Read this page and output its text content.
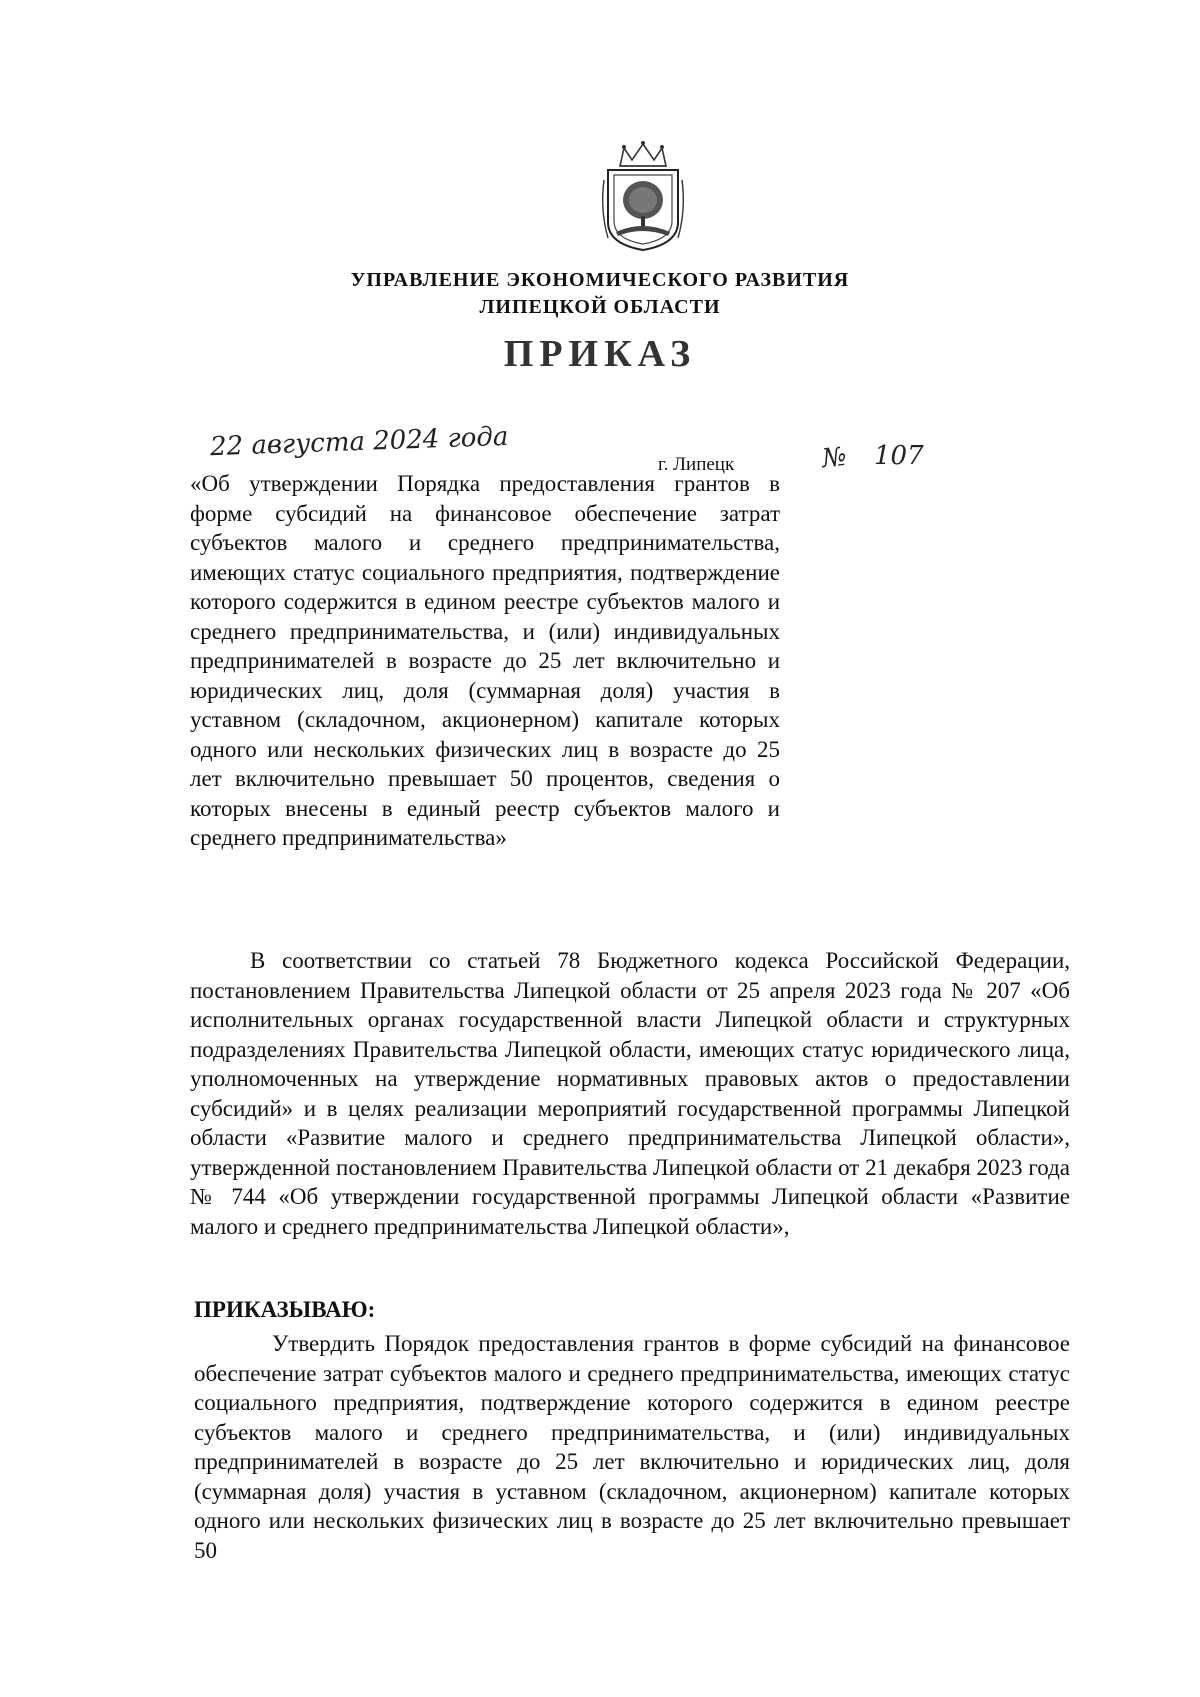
УПРАВЛЕНИЕ ЭКОНОМИЧЕСКОГО РАЗВИТИЯ
ЛИПЕЦКОЙ ОБЛАСТИ
ПРИКАЗ
22 августа 2024 года
г. Липецк	№ 107
«Об утверждении Порядка предоставления грантов в форме субсидий на финансовое обеспечение затрат субъектов малого и среднего предпринимательства, имеющих статус социального предприятия, подтверждение которого содержится в едином реестре субъектов малого и среднего предпринимательства, и (или) индивидуальных предпринимателей в возрасте до 25 лет включительно и юридических лиц, доля (суммарная доля) участия в уставном (складочном, акционерном) капитале которых одного или нескольких физических лиц в возрасте до 25 лет включительно превышает 50 процентов, сведения о которых внесены в единый реестр субъектов малого и среднего предпринимательства»
В соответствии со статьей 78 Бюджетного кодекса Российской Федерации, постановлением Правительства Липецкой области от 25 апреля 2023 года № 207 «Об исполнительных органах государственной власти Липецкой области и структурных подразделениях Правительства Липецкой области, имеющих статус юридического лица, уполномоченных на утверждение нормативных правовых актов о предоставлении субсидий» и в целях реализации мероприятий государственной программы Липецкой области «Развитие малого и среднего предпринимательства Липецкой области», утвержденной постановлением Правительства Липецкой области от 21 декабря 2023 года № 744 «Об утверждении государственной программы Липецкой области «Развитие малого и среднего предпринимательства Липецкой области»,
ПРИКАЗЫВАЮ:
Утвердить Порядок предоставления грантов в форме субсидий на финансовое обеспечение затрат субъектов малого и среднего предпринимательства, имеющих статус социального предприятия, подтверждение которого содержится в едином реестре субъектов малого и среднего предпринимательства, и (или) индивидуальных предпринимателей в возрасте до 25 лет включительно и юридических лиц, доля (суммарная доля) участия в уставном (складочном, акционерном) капитале которых одного или нескольких физических лиц в возрасте до 25 лет включительно превышает 50
